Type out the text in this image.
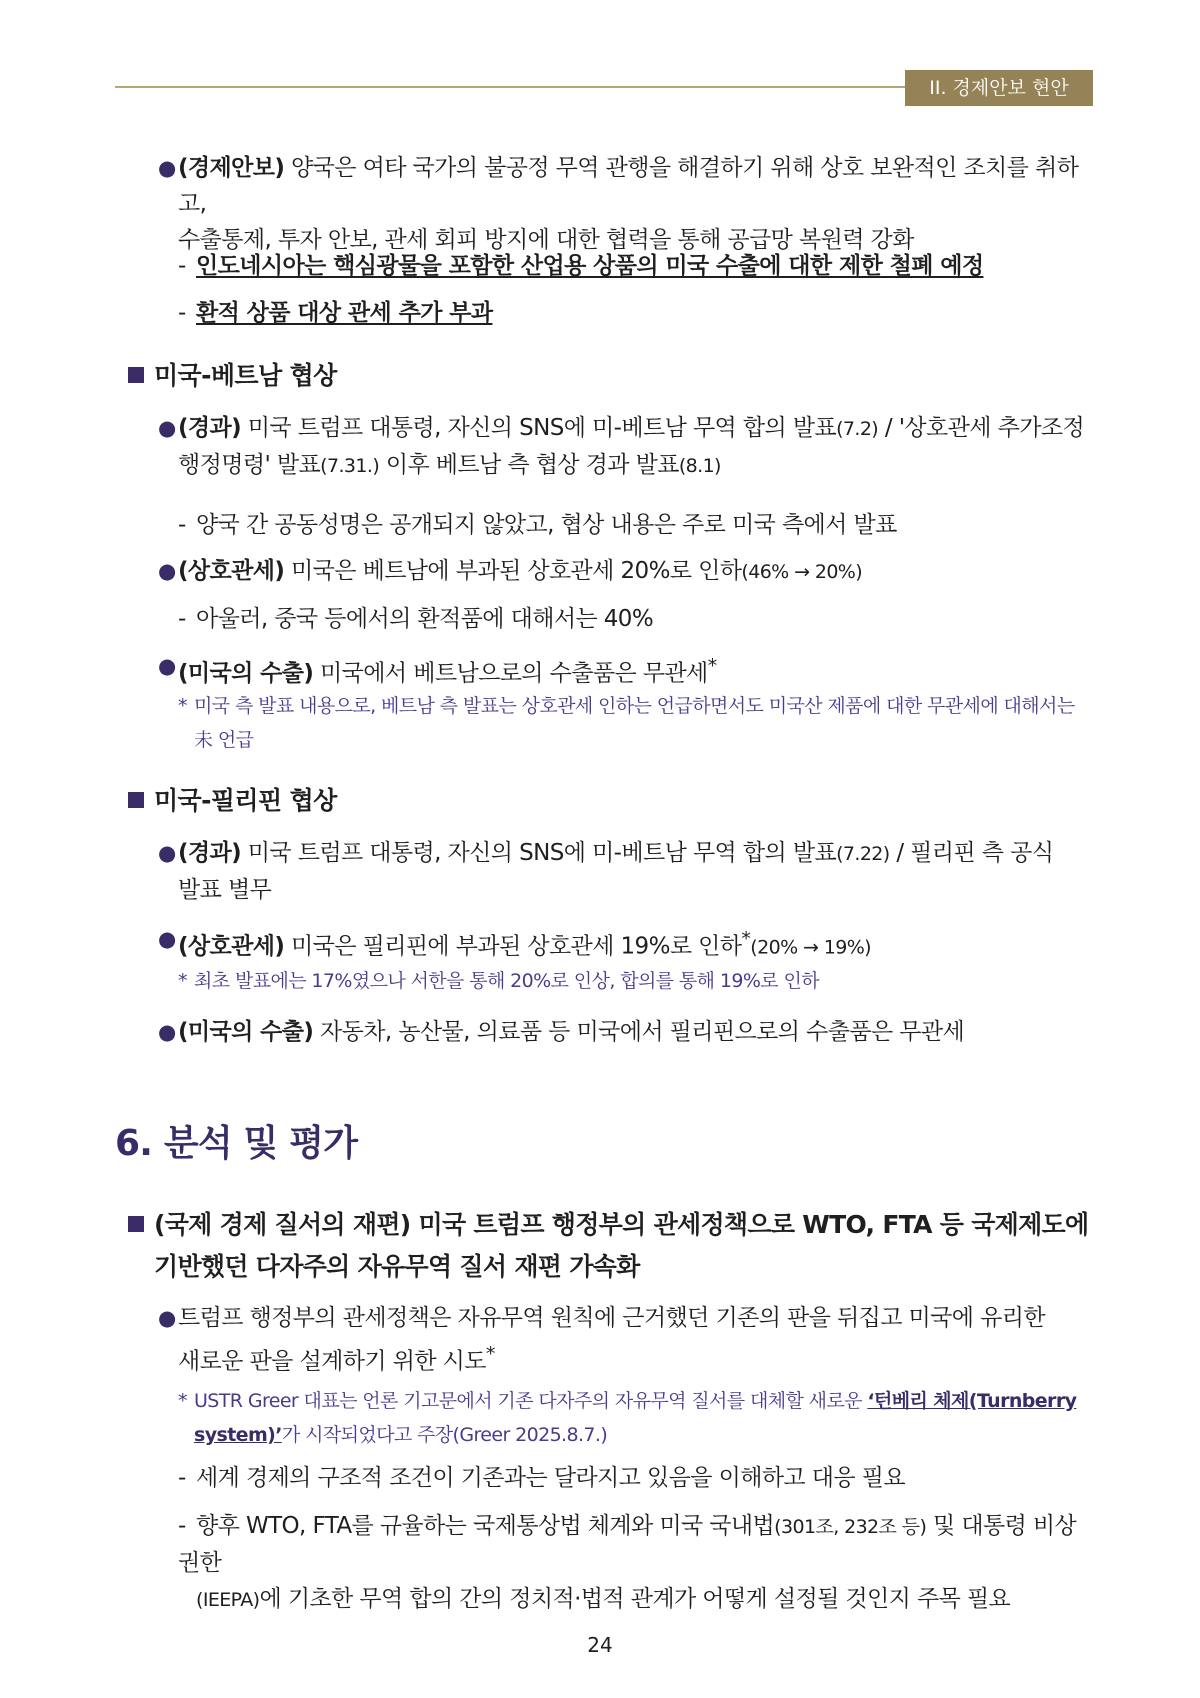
II. 경제안보 현안
● (경제안보) 양국은 여타 국가의 불공정 무역 관행을 해결하기 위해 상호 보완적인 조치를 취하고,
수출통제, 투자 안보, 관세 회피 방지에 대한 협력을 통해 공급망 복원력 강화
- 인도네시아는 핵심광물을 포함한 산업용 상품의 미국 수출에 대한 제한 철폐 예정
- 환적 상품 대상 관세 추가 부과
미국-베트남 협상
● (경과) 미국 트럼프 대통령, 자신의 SNS에 미-베트남 무역 합의 발표(7.2) / '상호관세 추가조정
행정명령' 발표(7.31.) 이후 베트남 측 협상 경과 발표(8.1)
- 양국 간 공동성명은 공개되지 않았고, 협상 내용은 주로 미국 측에서 발표
● (상호관세) 미국은 베트남에 부과된 상호관세 20%로 인하(46% → 20%)
- 아울러, 중국 등에서의 환적품에 대해서는 40%
● (미국의 수출) 미국에서 베트남으로의 수출품은 무관세*
* 미국 측 발표 내용으로, 베트남 측 발표는 상호관세 인하는 언급하면서도 미국산 제품에 대한 무관세에 대해서는
未 언급
미국-필리핀 협상
● (경과) 미국 트럼프 대통령, 자신의 SNS에 미-베트남 무역 합의 발표(7.22) / 필리핀 측 공식
발표 별무
● (상호관세) 미국은 필리핀에 부과된 상호관세 19%로 인하*(20% → 19%)
* 최초 발표에는 17%였으나 서한을 통해 20%로 인상, 합의를 통해 19%로 인하
● (미국의 수출) 자동차, 농산물, 의료품 등 미국에서 필리핀으로의 수출품은 무관세
6. 분석 및 평가
(국제 경제 질서의 재편) 미국 트럼프 행정부의 관세정책으로 WTO, FTA 등 국제제도에
기반했던 다자주의 자유무역 질서 재편 가속화
● 트럼프 행정부의 관세정책은 자유무역 원칙에 근거했던 기존의 판을 뒤집고 미국에 유리한
새로운 판을 설계하기 위한 시도*
* USTR Greer 대표는 언론 기고문에서 기존 다자주의 자유무역 질서를 대체할 새로운 ‘턴베리 체제(Turnberry
system)’가 시작되었다고 주장(Greer 2025.8.7.)
- 세계 경제의 구조적 조건이 기존과는 달라지고 있음을 이해하고 대응 필요
- 향후 WTO, FTA를 규율하는 국제통상법 체계와 미국 국내법(301조, 232조 등) 및 대통령 비상권한
(IEEPA)에 기초한 무역 합의 간의 정치적·법적 관계가 어떻게 설정될 것인지 주목 필요
24
